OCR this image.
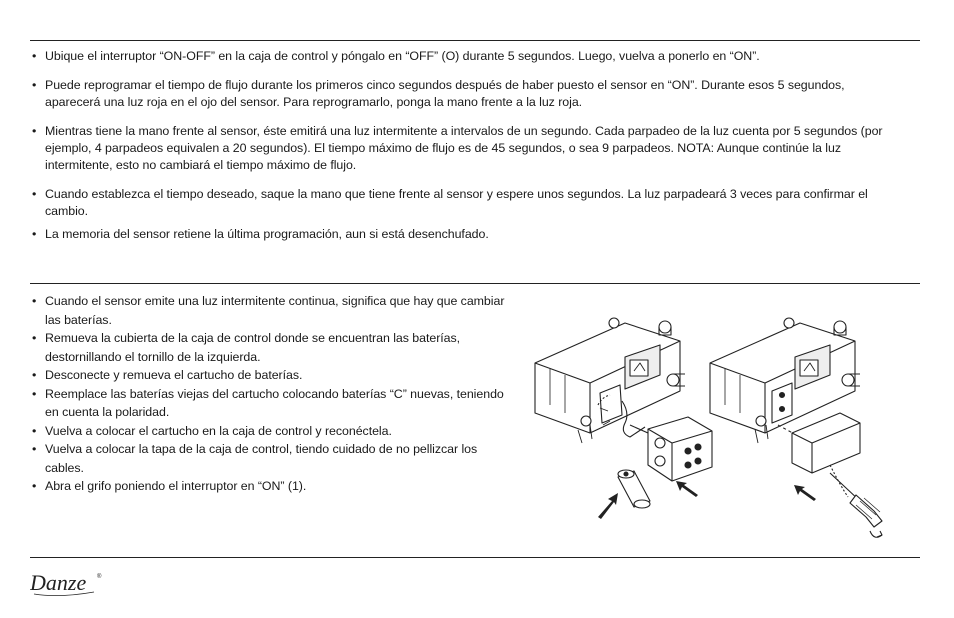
• Ubique el interruptor “ON-OFF” en la caja de control y póngalo en “OFF” (O) durante 5 segundos. Luego, vuelva a ponerlo en “ON”.
• Puede reprogramar el tiempo de flujo durante los primeros cinco segundos después de haber puesto el sensor en “ON”. Durante esos 5 segundos, aparecerá una luz roja en el ojo del sensor. Para reprogramarlo, ponga la mano frente a la luz roja.
• Mientras tiene la mano frente al sensor, éste emitirá una luz intermitente a intervalos de un segundo. Cada parpadeo de la luz cuenta por 5 segundos (por ejemplo, 4 parpadeos equivalen a 20 segundos). El tiempo máximo de flujo es de 45 segundos, o sea 9 parpadeos. NOTA: Aunque continúe la luz intermitente, esto no cambiará el tiempo máximo de flujo.
• Cuando establezca el tiempo deseado, saque la mano que tiene frente al sensor y espere unos segundos. La luz parpadeará 3 veces para confirmar el cambio.
• La memoria del sensor retiene la última programación, aun si está desenchufado.
• Cuando el sensor emite una luz intermitente continua, significa que hay que cambiar las baterías.
• Remueva la cubierta de la caja de control donde se encuentran las baterías, destornillando el tornillo de la izquierda.
• Desconecte y remueva el cartucho de baterías.
• Reemplace las baterías viejas del cartucho colocando baterías “C” nuevas, teniendo en cuenta la polaridad.
• Vuelva a colocar el cartucho en la caja de control y reconéctela.
• Vuelva a colocar la tapa de la caja de control, tiendo cuidado de no pellizcar los cables.
• Abra el grifo poniendo el interruptor en “ON” (1).
Danze ®
